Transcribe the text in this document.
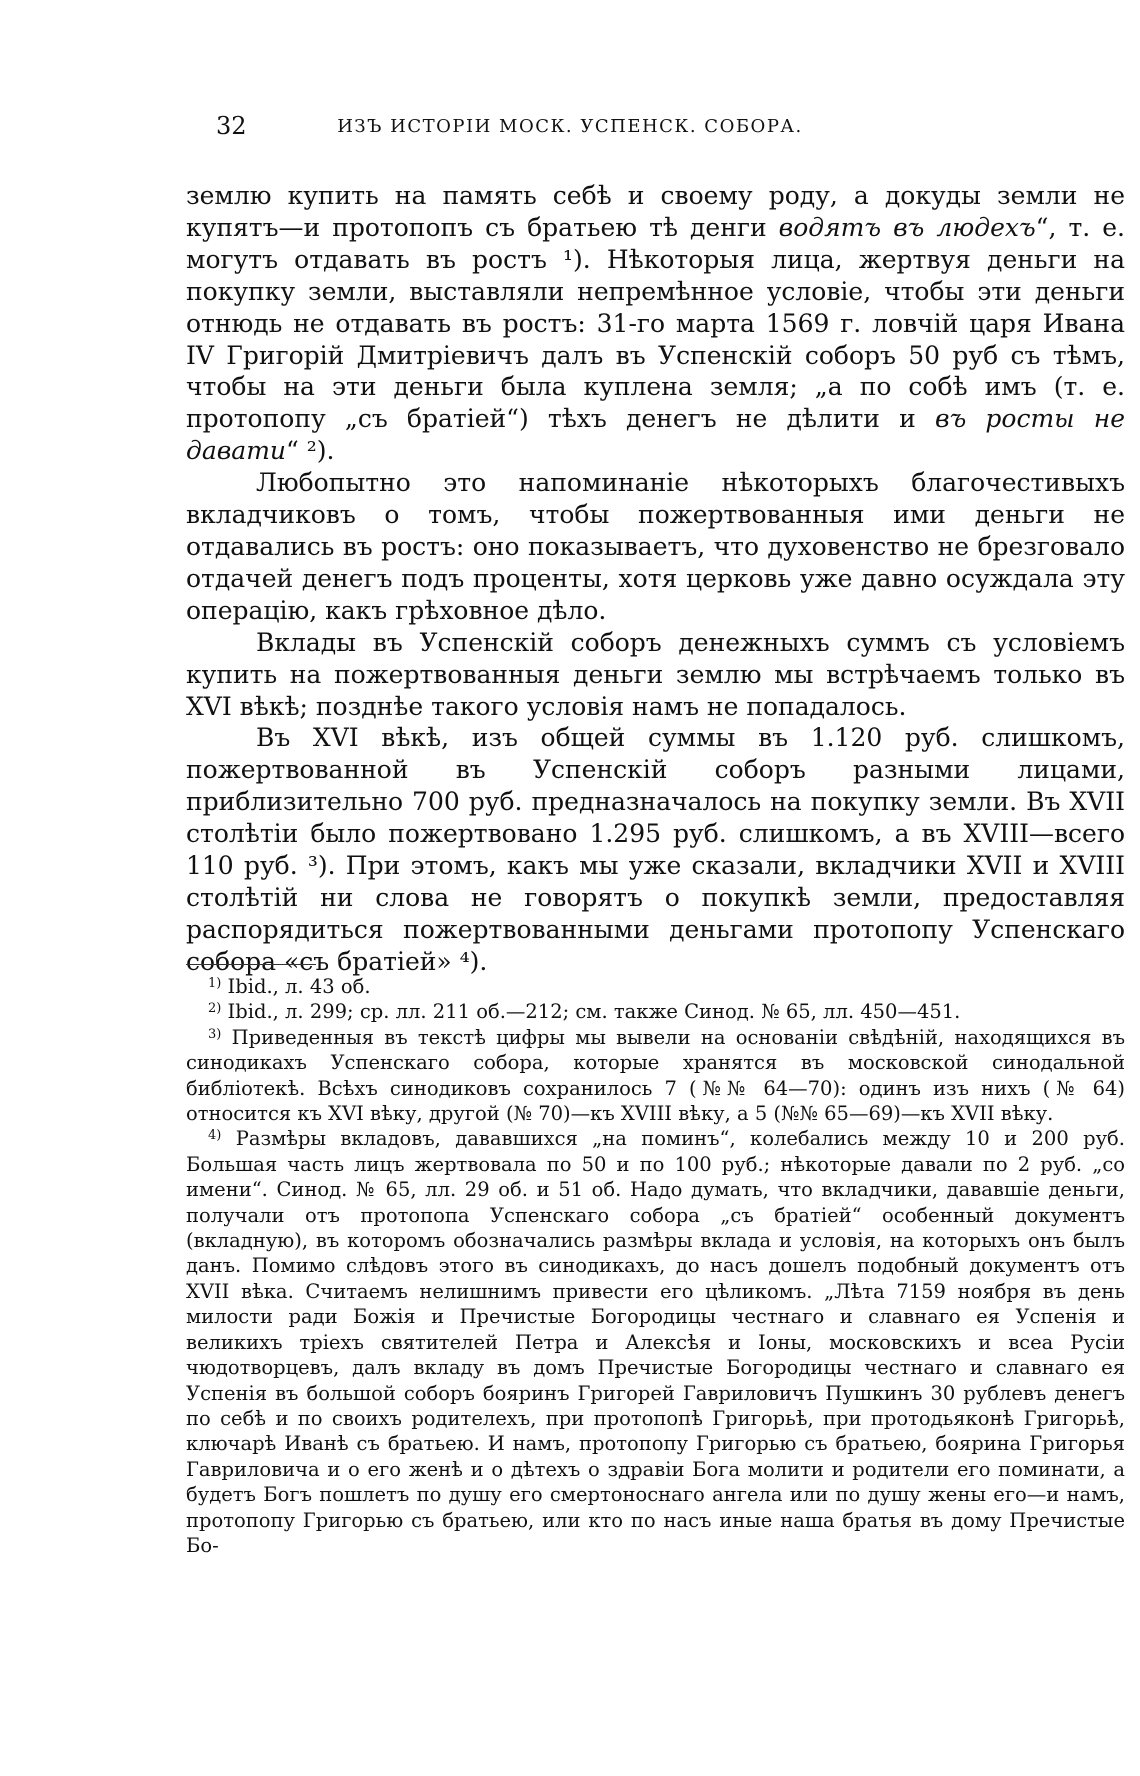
32	ИЗЪ ИСТОРІИ МОСК. УСПЕНСК. СОБОРА.

землю купить на память себѣ и своему роду, а докуды земли не купятъ—и протопопъ съ братьею тѣ денги водятъ въ людехъ“, т. е. могутъ отдавать въ ростъ ¹). Нѣкоторыя лица, жертвуя деньги на покупку земли, выставляли непремѣнное условіе, чтобы эти деньги отнюдь не отдавать въ ростъ: 31-го марта 1569 г. ловчій царя Ивана IV Григорій Дмитріевичъ далъ въ Успенскій соборъ 50 руб съ тѣмъ, чтобы на эти деньги была куплена земля; „а по собѣ имъ (т. е. протопопу „съ братіей“) тѣхъ денегъ не дѣлити и въ росты не давати“ ²).

Любопытно это напоминаніе нѣкоторыхъ благочестивыхъ вкладчиковъ о томъ, чтобы пожертвованныя ими деньги не отдавались въ ростъ: оно показываетъ, что духовенство не брезговало отдачей денегъ подъ проценты, хотя церковь уже давно осуждала эту операцію, какъ грѣховное дѣло.

Вклады въ Успенскій соборъ денежныхъ суммъ съ условіемъ купить на пожертвованныя деньги землю мы встрѣчаемъ только въ XVI вѣкѣ; позднѣе такого условія намъ не попадалось.

Въ XVI вѣкѣ, изъ общей суммы въ 1.120 руб. слишкомъ, пожертвованной въ Успенскій соборъ разными лицами, приблизительно 700 руб. предназначалось на покупку земли. Въ XVII столѣтіи было пожертвовано 1.295 руб. слишкомъ, а въ XVIII—всего 110 руб. ³). При этомъ, какъ мы уже сказали, вкладчики XVII и XVIII столѣтій ни слова не говорятъ о покупкѣ земли, предоставляя распорядиться пожертвованными деньгами протопопу Успенскаго собора «съ братіей» ⁴).

$^{1)}$ Ibid., л. 43 об.

$^{2)}$ Ibid., л. 299; ср. лл. 211 об.—212; см. также Синод. № 65, лл. 450—451.

$^{3)}$ Приведенныя въ текстѣ цифры мы вывели на основаніи свѣдѣній, находящихся въ синодикахъ Успенскаго собора, которые хранятся въ московской синодальной библіотекѣ. Всѣхъ синодиковъ сохранилось 7 (№№ 64—70): одинъ изъ нихъ (№ 64) относится къ XVI вѣку, другой (№ 70)—къ XVIII вѣку, а 5 (№№ 65—69)—къ XVII вѣку.

$^{4)}$ Размѣры вкладовъ, дававшихся „на поминъ“, колебались между 10 и 200 руб. Большая часть лицъ жертвовала по 50 и по 100 руб.; нѣкоторые давали по 2 руб. „со имени“. Синод. № 65, лл. 29 об. и 51 об. Надо думать, что вкладчики, дававшіе деньги, получали отъ протопопа Успенскаго собора „съ братіей“ особенный документъ (вкладную), въ которомъ обозначались размѣры вклада и условія, на которыхъ онъ былъ данъ. Помимо слѣдовъ этого въ синодикахъ, до насъ дошелъ подобный документъ отъ XVII вѣка. Считаемъ нелишнимъ привести его цѣликомъ. „Лѣта 7159 ноября въ день милости ради Божія и Пречистые Богородицы честнаго и славнаго ея Успенія и великихъ тріехъ святителей Петра и Алексѣя и Іоны, московскихъ и всеа Русіи чюдотворцевъ, далъ вкладу въ домъ Пречистые Богородицы честнаго и славнаго ея Успенія въ большой соборъ бояринъ Григорей Гавриловичъ Пушкинъ 30 рублевъ денегъ по себѣ и по своихъ родителехъ, при протопопѣ Григорьѣ, при протодьяконѣ Григорьѣ, ключарѣ Иванѣ съ братьею. И намъ, протопопу Григорью съ братьею, боярина Григорья Гавриловича и о его женѣ и о дѣтехъ о здравіи Бога молити и родители его поминати, а будетъ Богъ пошлетъ по душу его смертоноснаго ангела или по душу жены его—и намъ, протопопу Григорью съ братьею, или кто по насъ иные наша братья въ дому Пречистые Бо-
